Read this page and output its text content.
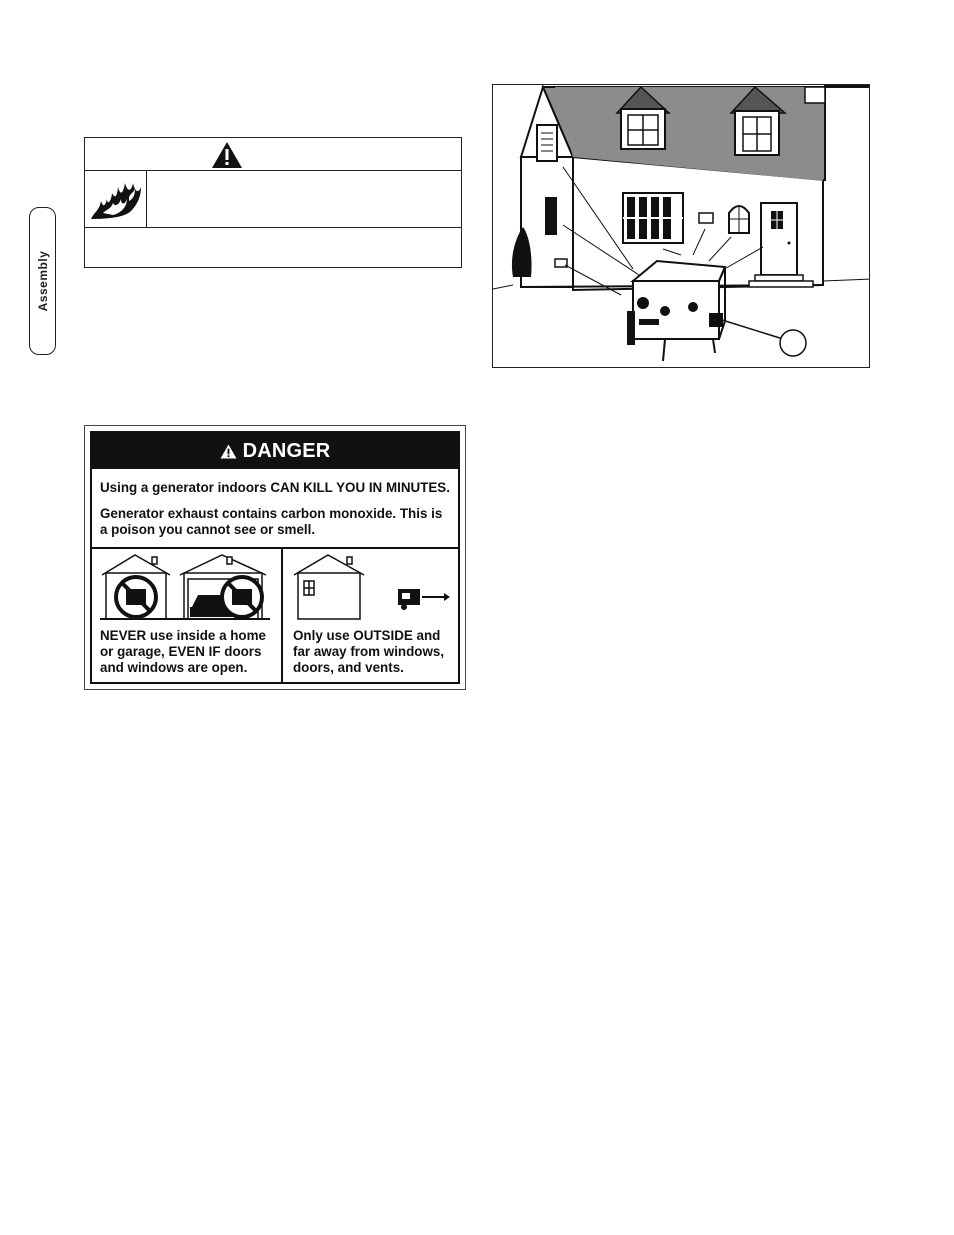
Assembly
DANGER
Using a generator indoors CAN KILL YOU IN MINUTES.
Generator exhaust contains carbon monoxide. This is a poison you cannot see or smell.
NEVER use inside a home or garage, EVEN IF doors and windows are open.
Only use OUTSIDE and far away from windows, doors, and vents.
